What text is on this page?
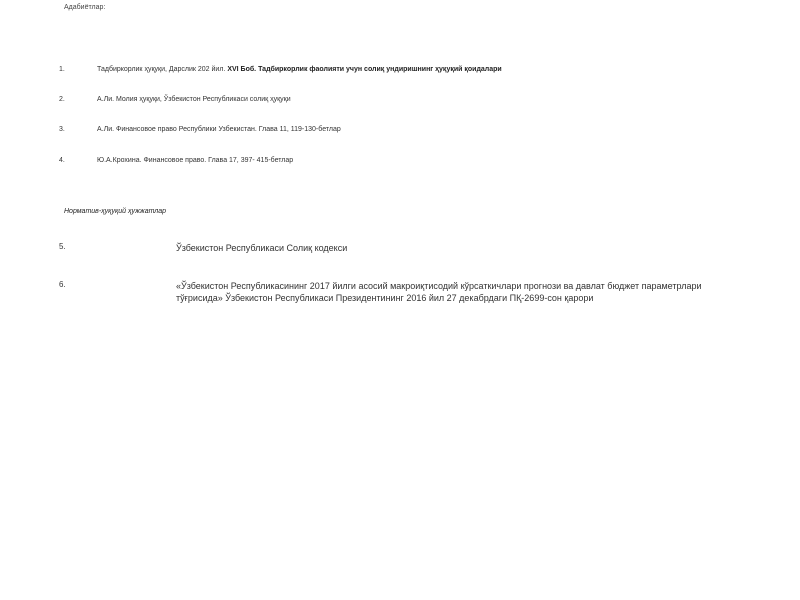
Адабиётлар:
1.	Тадбиркорлик ҳуқуқи, Дарслик 202 йил. XVI Боб. Тадбиркорлик фаолияти учун солиқ ундиришнинг ҳуқуқий қоидалари
2.	А.Ли. Молия ҳуқуқи, Ўзбекистон Республикаси солиқ ҳуқуқи
3.	А.Ли. Финансовое право Республики Узбекистан. Глава 11, 119-130-бетлар
4.	Ю.А.Крохина. Финансовое право. Глава 17, 397- 415-бетлар
Норматив-ҳуқуқий ҳужжатлар
5.	Ўзбекистон Республикаси Солиқ кодекси
6.	«Ўзбекистон Республикасининг 2017 йилги асосий макроиқтисодий кўрсаткичлари прогнози ва давлат бюджет параметрлари тўғрисида» Ўзбекистон Республикаси Президентининг 2016 йил 27 декабрдаги ПҚ-2699-сон қарори
